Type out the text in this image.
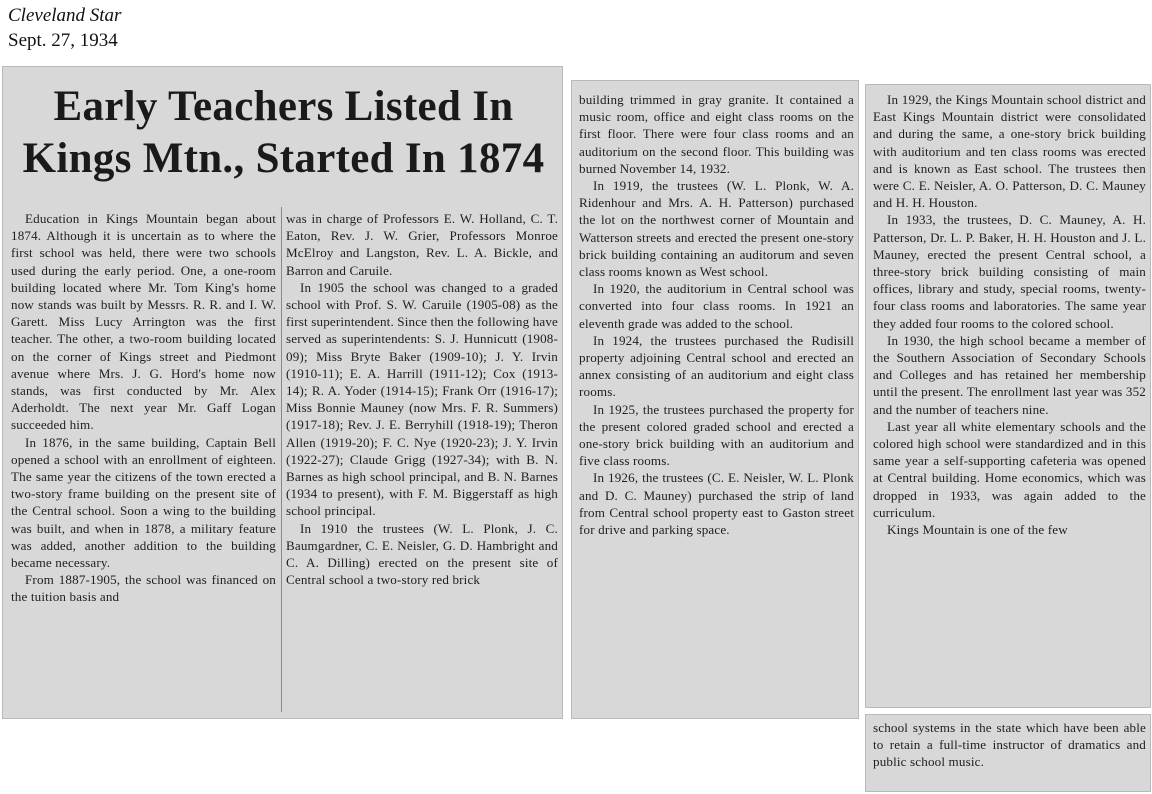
Cleveland Star
Sept. 27, 1934
Early Teachers Listed In
Kings Mtn., Started In 1874

Education in Kings Mountain began about 1874. Although it is uncertain as to where the first school was held, there were two schools used during the early period. One, a one-room building located where Mr. Tom King's home now stands was built by Messrs. R. R. and I. W. Garett. Miss Lucy Arrington was the first teacher. The other, a two-room building located on the corner of Kings street and Piedmont avenue where Mrs. J. G. Hord's home now stands, was first conducted by Mr. Alex Aderholdt. The next year Mr. Gaff Logan succeeded him.

In 1876, in the same building, Captain Bell opened a school with an enrollment of eighteen. The same year the citizens of the town erected a two-story frame building on the present site of the Central school. Soon a wing to the building was built, and when in 1878, a military feature was added, another addition to the building became necessary.

From 1887-1905, the school was financed on the tuition basis and

was in charge of Professors E. W. Holland, C. T. Eaton, Rev. J. W. Grier, Professors Monroe McElroy and Langston, Rev. L. A. Bickle, and Barron and Caruile.

In 1905 the school was changed to a graded school with Prof. S. W. Caruile (1905-08) as the first superintendent. Since then the following have served as superintendents: S. J. Hunnicutt (1908-09); Miss Bryte Baker (1909-10); J. Y. Irvin (1910-11); E. A. Harrill (1911-12); Cox (1913-14); R. A. Yoder (1914-15); Frank Orr (1916-17); Miss Bonnie Mauney (now Mrs. F. R. Summers) (1917-18); Rev. J. E. Berryhill (1918-19); Theron Allen (1919-20); F. C. Nye (1920-23); J. Y. Irvin (1922-27); Claude Grigg (1927-34); with B. N. Barnes as high school principal, and B. N. Barnes (1934 to present), with F. M. Biggerstaff as high school principal.

In 1910 the trustees (W. L. Plonk, J. C. Baumgardner, C. E. Neisler, G. D. Hambright and C. A. Dilling) erected on the present site of Central school a two-story red brick

building trimmed in gray granite. It contained a music room, office and eight class rooms on the first floor. There were four class rooms and an auditorium on the second floor. This building was burned November 14, 1932.

In 1919, the trustees (W. L. Plonk, W. A. Ridenhour and Mrs. A. H. Patterson) purchased the lot on the northwest corner of Mountain and Watterson streets and erected the present one-story brick building containing an auditorum and seven class rooms known as West school.

In 1920, the auditorium in Central school was converted into four class rooms. In 1921 an eleventh grade was added to the school.

In 1924, the trustees purchased the Rudisill property adjoining Central school and erected an annex consisting of an auditorium and eight class rooms.

In 1925, the trustees purchased the property for the present colored graded school and erected a one-story brick building with an auditorium and five class rooms.

In 1926, the trustees (C. E. Neisler, W. L. Plonk and D. C. Mauney) purchased the strip of land from Central school property east to Gaston street for drive and parking space.

In 1929, the Kings Mountain school district and East Kings Mountain district were consolidated and during the same, a one-story brick building with auditorium and ten class rooms was erected and is known as East school. The trustees then were C. E. Neisler, A. O. Patterson, D. C. Mauney and H. H. Houston.

In 1933, the trustees, D. C. Mauney, A. H. Patterson, Dr. L. P. Baker, H. H. Houston and J. L. Mauney, erected the present Central school, a three-story brick building consisting of main offices, library and study, special rooms, twenty-four class rooms and laboratories. The same year they added four rooms to the colored school.

In 1930, the high school became a member of the Southern Association of Secondary Schools and Colleges and has retained her membership until the present. The enrollment last year was 352 and the number of teachers nine.

Last year all white elementary schools and the colored high school were standardized and in this same year a self-supporting cafeteria was opened at Central building. Home economics, which was dropped in 1933, was again added to the curriculum.

Kings Mountain is one of the few

school systems in the state which have been able to retain a full-time instructor of dramatics and public school music.
